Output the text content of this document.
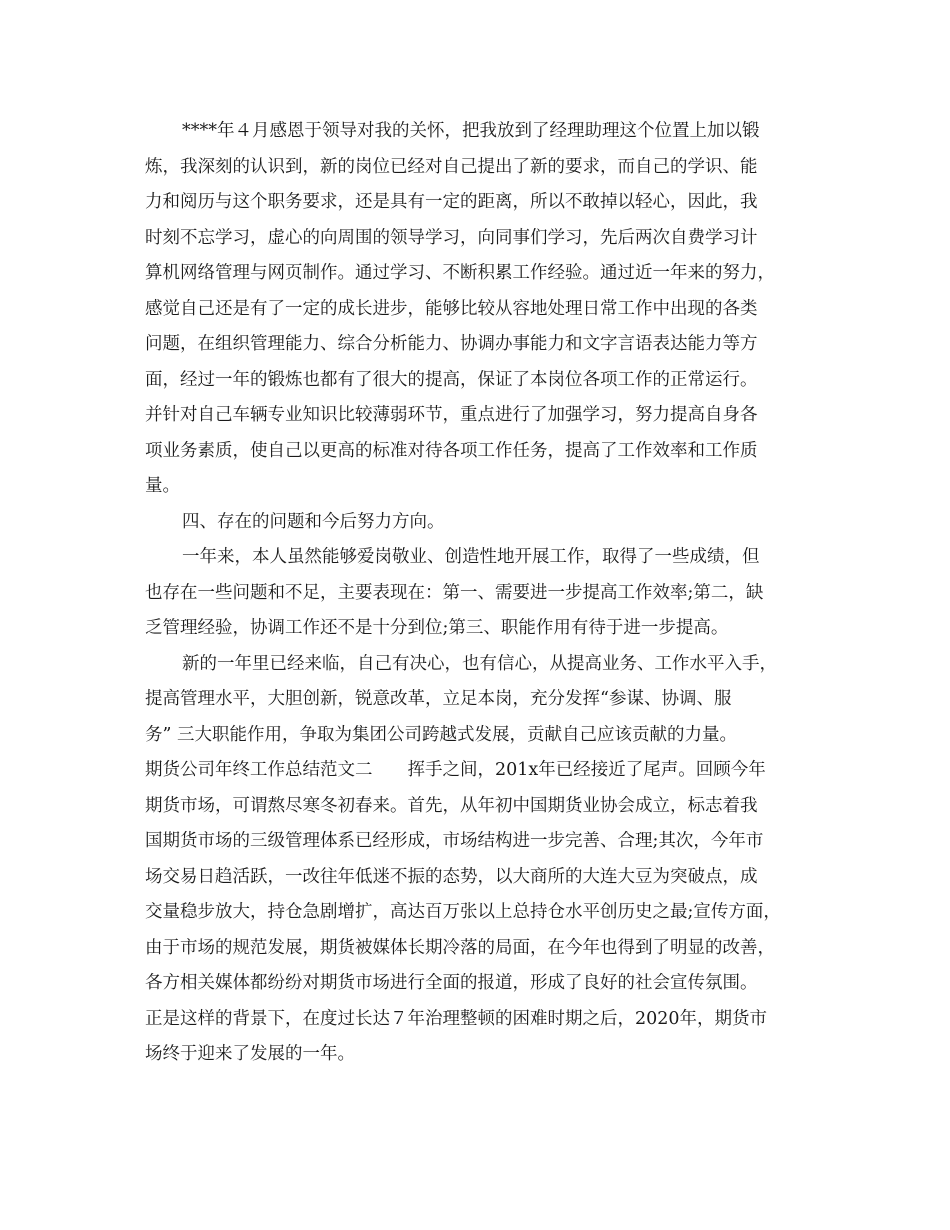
****年４月感恩于领导对我的关怀，把我放到了经理助理这个位置上加以锻
炼，我深刻的认识到，新的岗位已经对自己提出了新的要求，而自己的学识、能
力和阅历与这个职务要求，还是具有一定的距离，所以不敢掉以轻心，因此，我
时刻不忘学习，虚心的向周围的领导学习，向同事们学习，先后两次自费学习计
算机网络管理与网页制作。通过学习、不断积累工作经验。通过近一年来的努力，
感觉自己还是有了一定的成长进步，能够比较从容地处理日常工作中出现的各类
问题，在组织管理能力、综合分析能力、协调办事能力和文字言语表达能力等方
面，经过一年的锻炼也都有了很大的提高，保证了本岗位各项工作的正常运行。
并针对自己车辆专业知识比较薄弱环节，重点进行了加强学习，努力提高自身各
项业务素质，使自己以更高的标准对待各项工作任务，提高了工作效率和工作质
量。
四、存在的问题和今后努力方向。
一年来，本人虽然能够爱岗敬业、创造性地开展工作，取得了一些成绩，但
也存在一些问题和不足，主要表现在：第一、需要进一步提高工作效率;第二，缺
乏管理经验，协调工作还不是十分到位;第三、职能作用有待于进一步提高。
新的一年里已经来临，自己有决心，也有信心，从提高业务、工作水平入手，
提高管理水平，大胆创新，锐意改革，立足本岗，充分发挥“参谋、协调、服
务” 三大职能作用，争取为集团公司跨越式发展，贡献自己应该贡献的力量。
期货公司年终工作总结范文二　　挥手之间，201x年已经接近了尾声。回顾今年
期货市场，可谓熬尽寒冬初春来。首先，从年初中国期货业协会成立，标志着我
国期货市场的三级管理体系已经形成，市场结构进一步完善、合理;其次，今年市
场交易日趋活跃，一改往年低迷不振的态势，以大商所的大连大豆为突破点，成
交量稳步放大，持仓急剧增扩，高达百万张以上总持仓水平创历史之最;宣传方面，
由于市场的规范发展，期货被媒体长期冷落的局面，在今年也得到了明显的改善，
各方相关媒体都纷纷对期货市场进行全面的报道，形成了良好的社会宣传氛围。
正是这样的背景下，在度过长达７年治理整顿的困难时期之后，2020年，期货市
场终于迎来了发展的一年。
